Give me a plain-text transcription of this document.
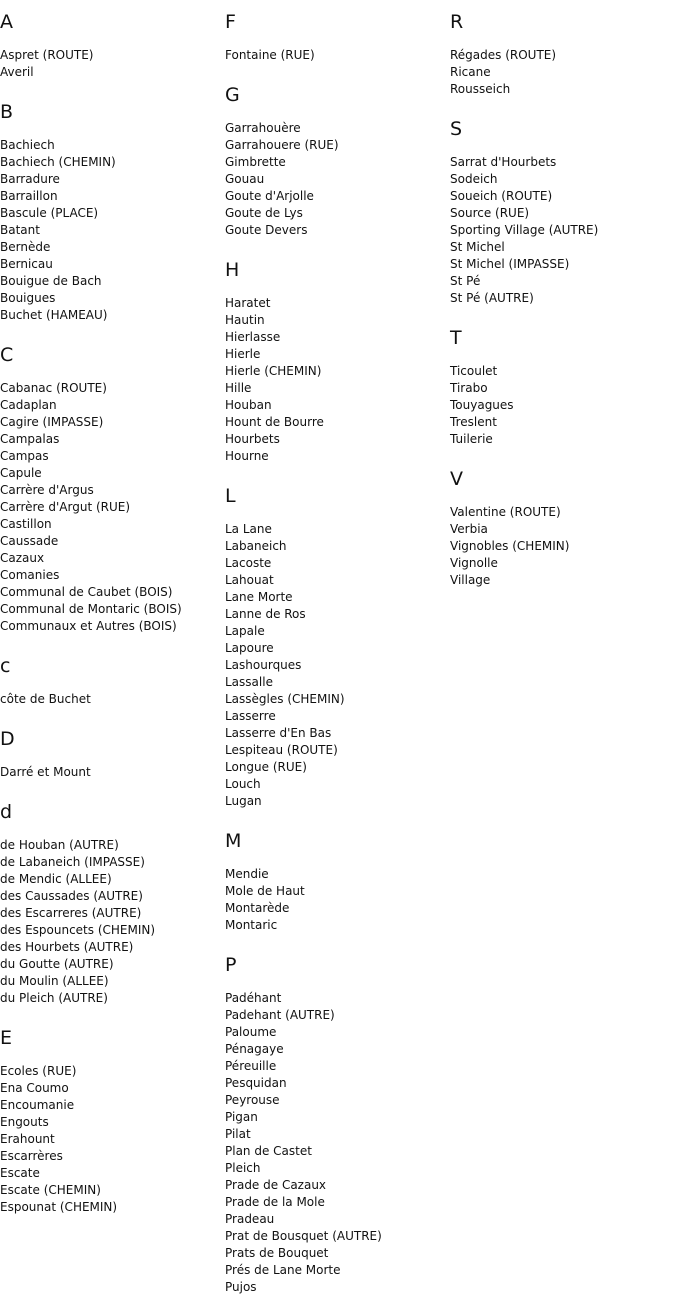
A
Aspret (ROUTE)
Averil
B
Bachiech
Bachiech (CHEMIN)
Barradure
Barraillon
Bascule (PLACE)
Batant
Bernède
Bernicau
Bouigue de Bach
Bouigues
Buchet (HAMEAU)
C
Cabanac (ROUTE)
Cadaplan
Cagire (IMPASSE)
Campalas
Campas
Capule
Carrère d'Argus
Carrère d'Argut (RUE)
Castillon
Caussade
Cazaux
Comanies
Communal de Caubet (BOIS)
Communal de Montaric (BOIS)
Communaux et Autres (BOIS)
c
côte de Buchet
D
Darré et Mount
d
de Houban (AUTRE)
de Labaneich (IMPASSE)
de Mendic (ALLEE)
des Caussades (AUTRE)
des Escarreres (AUTRE)
des Espouncets (CHEMIN)
des Hourbets (AUTRE)
du Goutte (AUTRE)
du Moulin (ALLEE)
du Pleich (AUTRE)
E
Ecoles (RUE)
Ena Coumo
Encoumanie
Engouts
Erahount
Escarrères
Escate
Escate (CHEMIN)
Espounat (CHEMIN)
F
Fontaine (RUE)
G
Garrahouère
Garrahouere (RUE)
Gimbrette
Gouau
Goute d'Arjolle
Goute de Lys
Goute Devers
H
Haratet
Hautin
Hierlasse
Hierle
Hierle (CHEMIN)
Hille
Houban
Hount de Bourre
Hourbets
Hourne
L
La Lane
Labaneich
Lacoste
Lahouat
Lane Morte
Lanne de Ros
Lapale
Lapoure
Lashourques
Lassalle
Lassègles (CHEMIN)
Lasserre
Lasserre d'En Bas
Lespiteau (ROUTE)
Longue (RUE)
Louch
Lugan
M
Mendie
Mole de Haut
Montarède
Montaric
P
Padéhant
Padehant (AUTRE)
Paloume
Pénagaye
Péreuille
Pesquidan
Peyrouse
Pigan
Pilat
Plan de Castet
Pleich
Prade de Cazaux
Prade de la Mole
Pradeau
Prat de Bousquet (AUTRE)
Prats de Bouquet
Prés de Lane Morte
Pujos
R
Régades (ROUTE)
Ricane
Rousseich
S
Sarrat d'Hourbets
Sodeich
Soueich (ROUTE)
Source (RUE)
Sporting Village (AUTRE)
St Michel
St Michel (IMPASSE)
St Pé
St Pé (AUTRE)
T
Ticoulet
Tirabo
Touyagues
Treslent
Tuilerie
V
Valentine (ROUTE)
Verbia
Vignobles (CHEMIN)
Vignolle
Village
